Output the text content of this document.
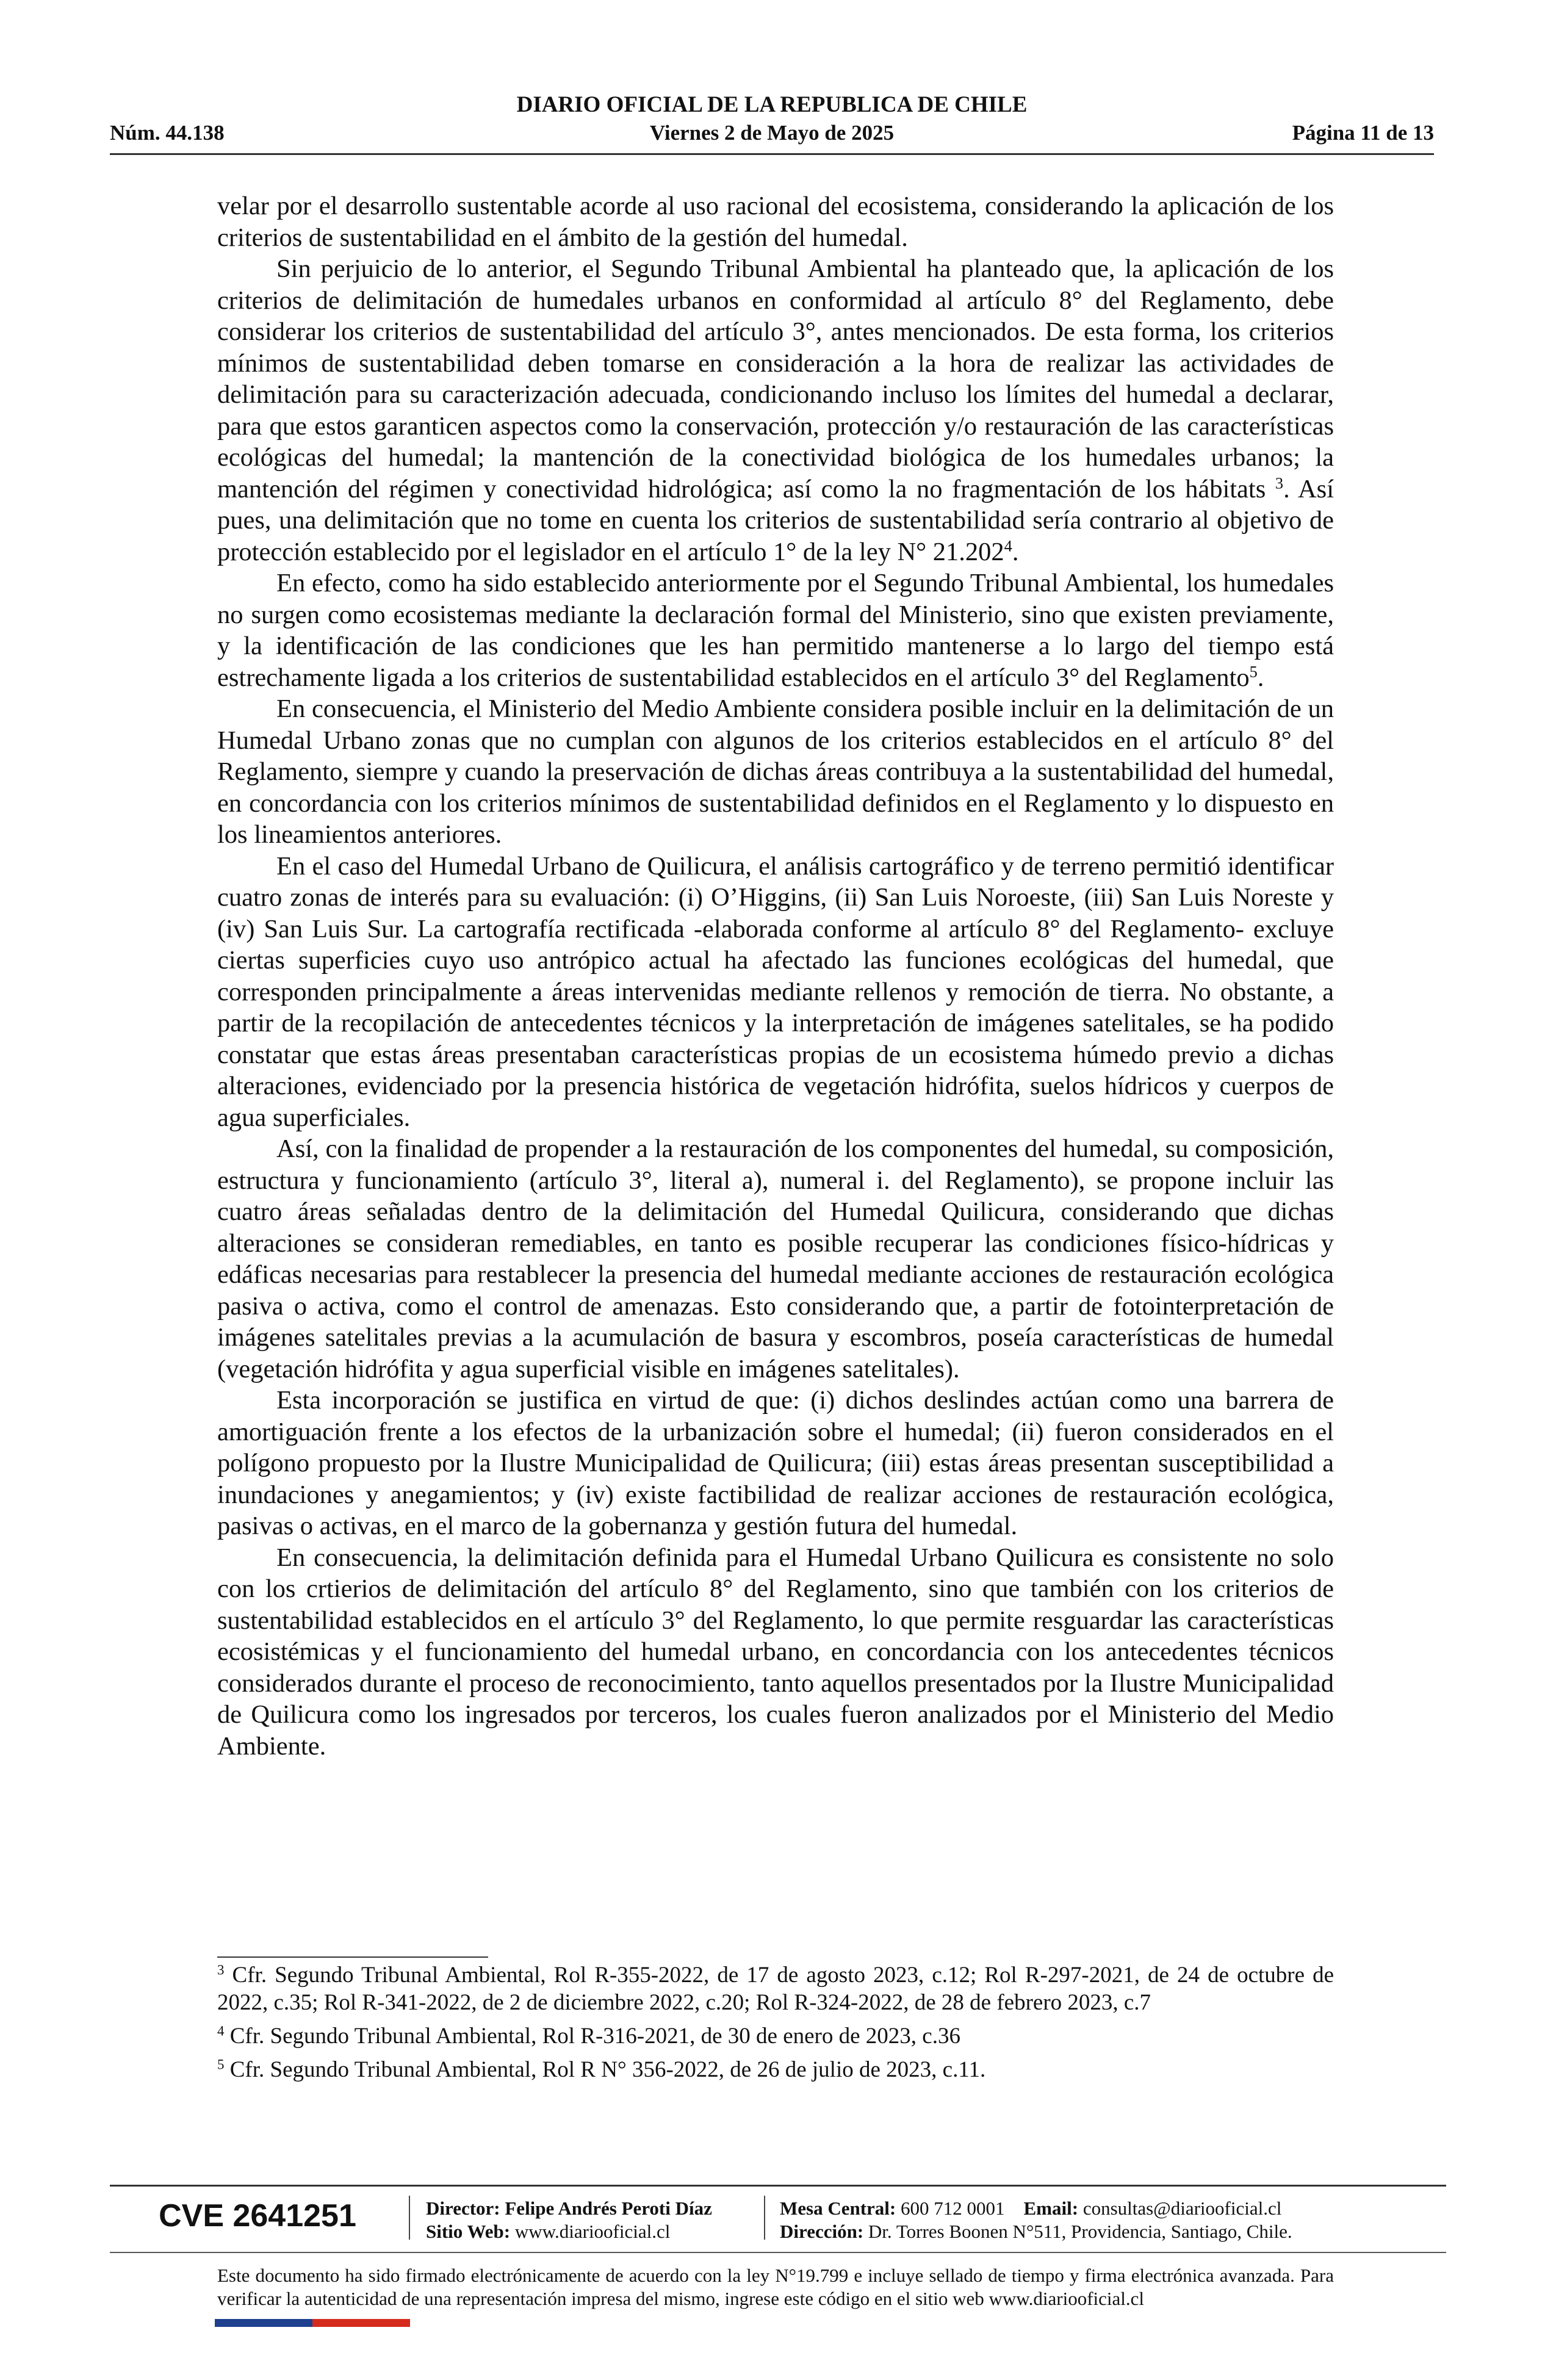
DIARIO OFICIAL DE LA REPUBLICA DE CHILE
Núm. 44.138	Página 11 de 13
Viernes 2 de Mayo de 2025

velar por el desarrollo sustentable acorde al uso racional del ecosistema, considerando la aplicación de los criterios de sustentabilidad en el ámbito de la gestión del humedal.

Sin perjuicio de lo anterior, el Segundo Tribunal Ambiental ha planteado que, la aplicación de los criterios de delimitación de humedales urbanos en conformidad al artículo 8° del Reglamento, debe considerar los criterios de sustentabilidad del artículo 3°, antes mencionados. De esta forma, los criterios mínimos de sustentabilidad deben tomarse en consideración a la hora de realizar las actividades de delimitación para su caracterización adecuada, condicionando incluso los límites del humedal a declarar, para que estos garanticen aspectos como la conservación, protección y/o restauración de las características ecológicas del humedal; la mantención de la conectividad biológica de los humedales urbanos; la mantención del régimen y conectividad hidrológica; así como la no fragmentación de los hábitats $^3$. Así pues, una delimitación que no tome en cuenta los criterios de sustentabilidad sería contrario al objetivo de protección establecido por el legislador en el artículo 1° de la ley N° 21.202$^4$.

En efecto, como ha sido establecido anteriormente por el Segundo Tribunal Ambiental, los humedales no surgen como ecosistemas mediante la declaración formal del Ministerio, sino que existen previamente, y la identificación de las condiciones que les han permitido mantenerse a lo largo del tiempo está estrechamente ligada a los criterios de sustentabilidad establecidos en el artículo 3° del Reglamento$^5$.

En consecuencia, el Ministerio del Medio Ambiente considera posible incluir en la delimitación de un Humedal Urbano zonas que no cumplan con algunos de los criterios establecidos en el artículo 8° del Reglamento, siempre y cuando la preservación de dichas áreas contribuya a la sustentabilidad del humedal, en concordancia con los criterios mínimos de sustentabilidad definidos en el Reglamento y lo dispuesto en los lineamientos anteriores.

En el caso del Humedal Urbano de Quilicura, el análisis cartográfico y de terreno permitió identificar cuatro zonas de interés para su evaluación: (i) O’Higgins, (ii) San Luis Noroeste, (iii) San Luis Noreste y (iv) San Luis Sur. La cartografía rectificada -elaborada conforme al artículo 8° del Reglamento- excluye ciertas superficies cuyo uso antrópico actual ha afectado las funciones ecológicas del humedal, que corresponden principalmente a áreas intervenidas mediante rellenos y remoción de tierra. No obstante, a partir de la recopilación de antecedentes técnicos y la interpretación de imágenes satelitales, se ha podido constatar que estas áreas presentaban características propias de un ecosistema húmedo previo a dichas alteraciones, evidenciado por la presencia histórica de vegetación hidrófita, suelos hídricos y cuerpos de agua superficiales.

Así, con la finalidad de propender a la restauración de los componentes del humedal, su composición, estructura y funcionamiento (artículo 3°, literal a), numeral i. del Reglamento), se propone incluir las cuatro áreas señaladas dentro de la delimitación del Humedal Quilicura, considerando que dichas alteraciones se consideran remediables, en tanto es posible recuperar las condiciones físico-hídricas y edáficas necesarias para restablecer la presencia del humedal mediante acciones de restauración ecológica pasiva o activa, como el control de amenazas. Esto considerando que, a partir de fotointerpretación de imágenes satelitales previas a la acumulación de basura y escombros, poseía características de humedal (vegetación hidrófita y agua superficial visible en imágenes satelitales).

Esta incorporación se justifica en virtud de que: (i) dichos deslindes actúan como una barrera de amortiguación frente a los efectos de la urbanización sobre el humedal; (ii) fueron considerados en el polígono propuesto por la Ilustre Municipalidad de Quilicura; (iii) estas áreas presentan susceptibilidad a inundaciones y anegamientos; y (iv) existe factibilidad de realizar acciones de restauración ecológica, pasivas o activas, en el marco de la gobernanza y gestión futura del humedal.

En consecuencia, la delimitación definida para el Humedal Urbano Quilicura es consistente no solo con los crtierios de delimitación del artículo 8° del Reglamento, sino que también con los criterios de sustentabilidad establecidos en el artículo 3° del Reglamento, lo que permite resguardar las características ecosistémicas y el funcionamiento del humedal urbano, en concordancia con los antecedentes técnicos considerados durante el proceso de reconocimiento, tanto aquellos presentados por la Ilustre Municipalidad de Quilicura como los ingresados por terceros, los cuales fueron analizados por el Ministerio del Medio Ambiente.

$^3$ Cfr. Segundo Tribunal Ambiental, Rol R-355-2022, de 17 de agosto 2023, c.12; Rol R-297-2021, de 24 de octubre de 2022, c.35; Rol R-341-2022, de 2 de diciembre 2022, c.20; Rol R-324-2022, de 28 de febrero 2023, c.7

$^4$ Cfr. Segundo Tribunal Ambiental, Rol R-316-2021, de 30 de enero de 2023, c.36

$^5$ Cfr. Segundo Tribunal Ambiental, Rol R N° 356-2022, de 26 de julio de 2023, c.11.

CVE 2641251	Director: Felipe Andrés Peroti Díaz
Sitio Web: www.diariooficial.cl
Mesa Central: 600 712 0001 Email: consultas@diariooficial.cl
Dirección: Dr. Torres Boonen N°511, Providencia, Santiago, Chile.
Este documento ha sido firmado electrónicamente de acuerdo con la ley N°19.799 e incluye sellado de tiempo y firma electrónica avanzada. Para verificar la autenticidad de una representación impresa del mismo, ingrese este código en el sitio web www.diariooficial.cl
